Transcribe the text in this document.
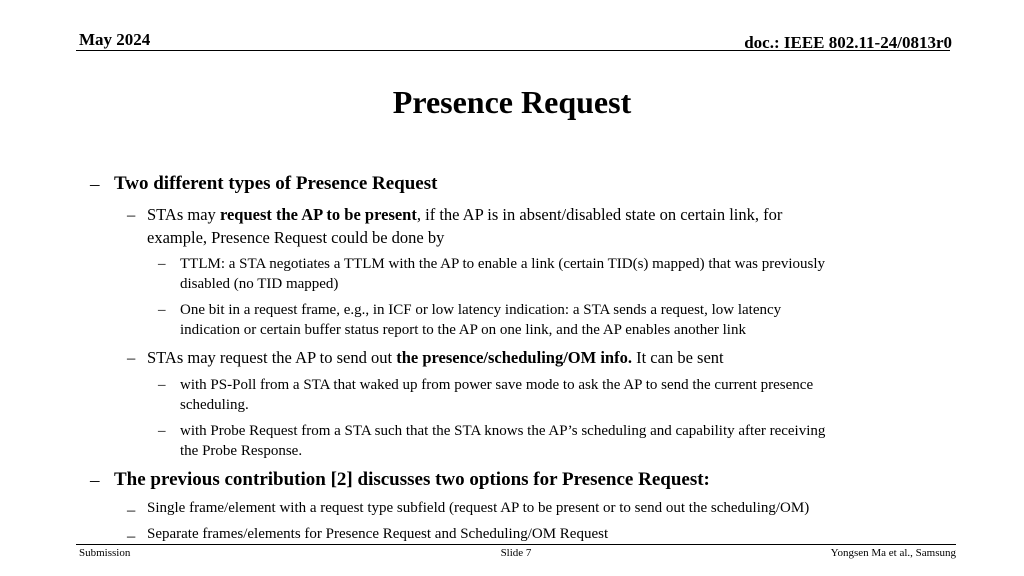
May 2024	doc.: IEEE 802.11-24/0813r0
Presence Request
– Two different types of Presence Request
– STAs may request the AP to be present, if the AP is in absent/disabled state on certain link, for
example, Presence Request could be done by
– TTLM: a STA negotiates a TTLM with the AP to enable a link (certain TID(s) mapped) that was previously
disabled (no TID mapped)
– One bit in a request frame, e.g., in ICF or low latency indication: a STA sends a request, low latency
indication or certain buffer status report to the AP on one link, and the AP enables another link
– STAs may request the AP to send out the presence/scheduling/OM info. It can be sent
– with PS-Poll from a STA that waked up from power save mode to ask the AP to send the current presence
scheduling.
– with Probe Request from a STA such that the STA knows the AP’s scheduling and capability after receiving
the Probe Response.
– The previous contribution [2] discusses two options for Presence Request:
– Single frame/element with a request type subfield (request AP to be present or to send out the scheduling/OM)
– Separate frames/elements for Presence Request and Scheduling/OM Request
Submission	Slide 7	Yongsen Ma et al., Samsung
